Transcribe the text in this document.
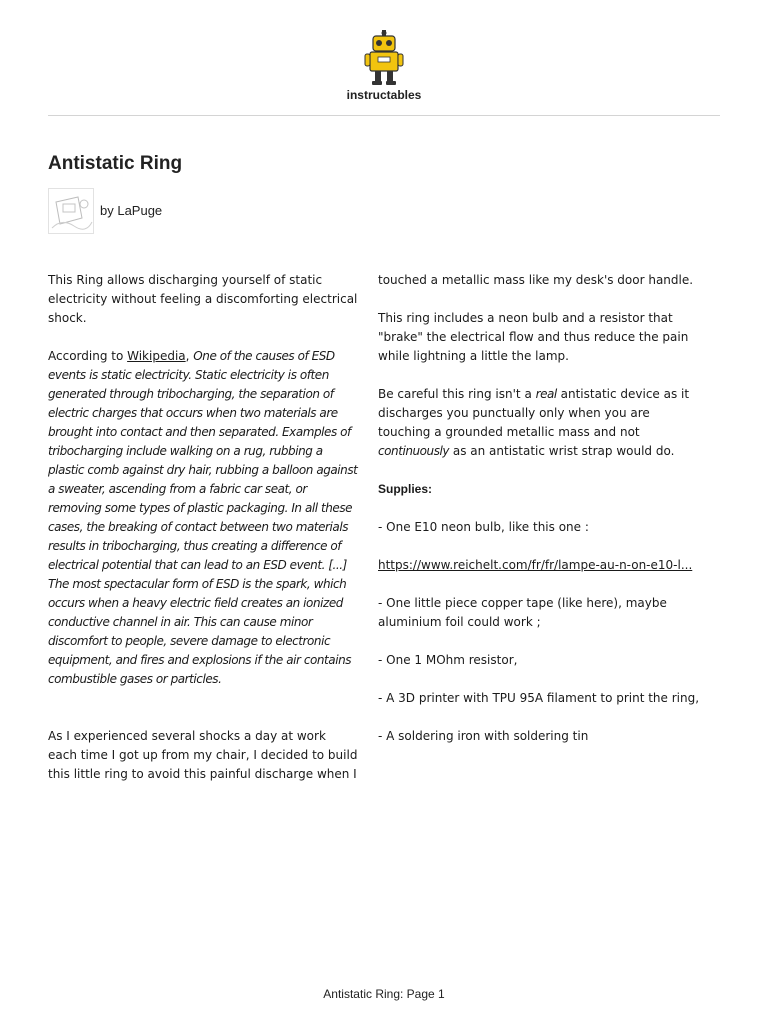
instructables
Antistatic Ring
by LaPuge

This Ring allows discharging yourself of static electricity without feeling a discomforting electrical shock.

According to Wikipedia, One of the causes of ESD events is static electricity. Static electricity is often generated through tribocharging, the separation of electric charges that occurs when two materials are brought into contact and then separated. Examples of tribocharging include walking on a rug, rubbing a plastic comb against dry hair, rubbing a balloon against a sweater, ascending from a fabric car seat, or removing some types of plastic packaging. In all these cases, the breaking of contact between two materials results in tribocharging, thus creating a difference of electrical potential that can lead to an ESD event. [...] The most spectacular form of ESD is the spark, which occurs when a heavy electric field creates an ionized conductive channel in air. This can cause minor discomfort to people, severe damage to electronic equipment, and fires and explosions if the air contains combustible gases or particles.

As I experienced several shocks a day at work each time I got up from my chair, I decided to build this little ring to avoid this painful discharge when I

touched a metallic mass like my desk's door handle.

This ring includes a neon bulb and a resistor that "brake" the electrical flow and thus reduce the pain while lightning a little the lamp.

Be careful this ring isn't a real antistatic device as it discharges you punctually only when you are touching a grounded metallic mass and not continuously as an antistatic wrist strap would do.

Supplies:

- One E10 neon bulb, like this one :

https://www.reichelt.com/fr/fr/lampe-au-n-on-e10-l...

- One little piece copper tape (like here), maybe aluminium foil could work ;

- One 1 MOhm resistor,

- A 3D printer with TPU 95A filament to print the ring,

- A soldering iron with soldering tin

Antistatic Ring: Page 1
